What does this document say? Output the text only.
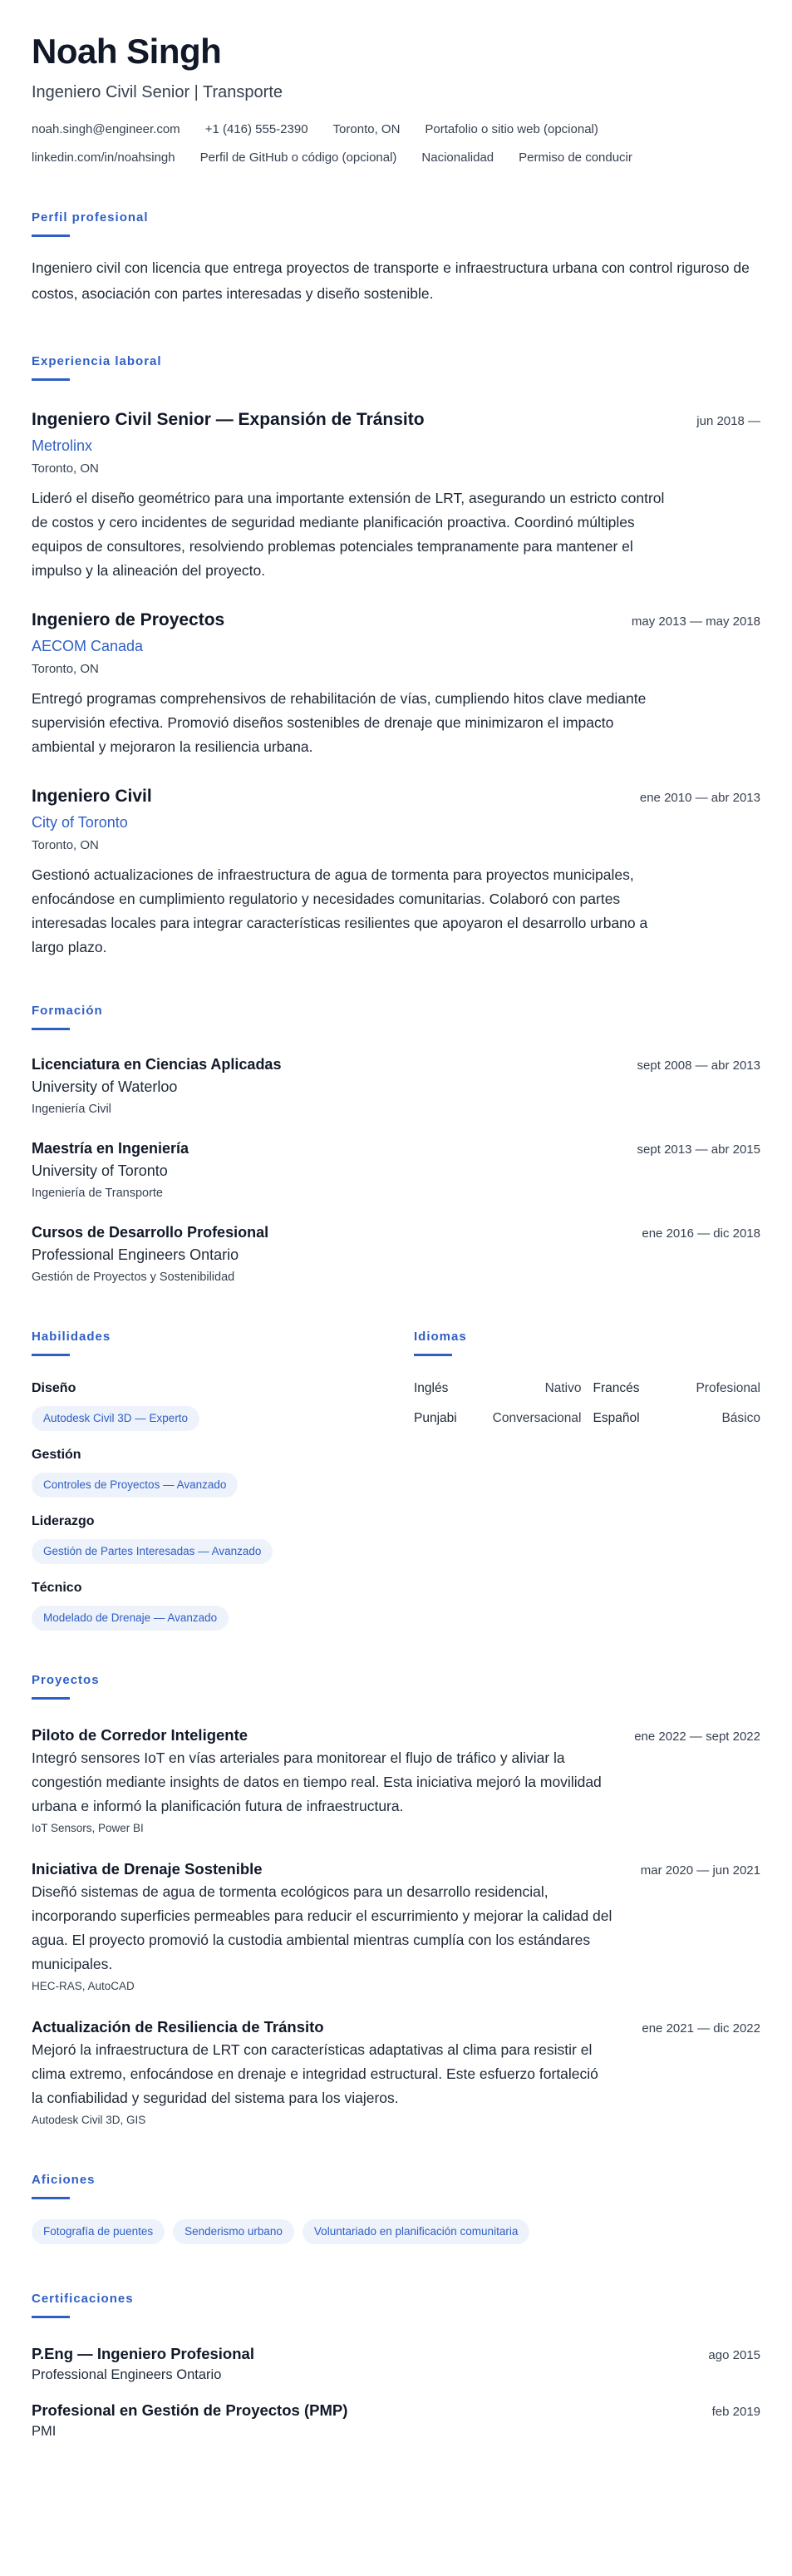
Noah Singh
Ingeniero Civil Senior | Transporte
noah.singh@engineer.com +1 (416) 555-2390 Toronto, ON Portafolio o sitio web (opcional)
linkedin.com/in/noahsingh Perfil de GitHub o código (opcional) Nacionalidad Permiso de conducir
Perfil profesional
Ingeniero civil con licencia que entrega proyectos de transporte e infraestructura urbana con control riguroso de costos, asociación con partes interesadas y diseño sostenible.
Experiencia laboral
Ingeniero Civil Senior — Expansión de Tránsito	jun 2018 —
Metrolinx
Toronto, ON
Lideró el diseño geométrico para una importante extensión de LRT, asegurando un estricto control de costos y cero incidentes de seguridad mediante planificación proactiva. Coordinó múltiples equipos de consultores, resolviendo problemas potenciales tempranamente para mantener el impulso y la alineación del proyecto.
Ingeniero de Proyectos	may 2013 — may 2018
AECOM Canada
Toronto, ON
Entregó programas comprehensivos de rehabilitación de vías, cumpliendo hitos clave mediante supervisión efectiva. Promovió diseños sostenibles de drenaje que minimizaron el impacto ambiental y mejoraron la resiliencia urbana.
Ingeniero Civil	ene 2010 — abr 2013
City of Toronto
Toronto, ON
Gestionó actualizaciones de infraestructura de agua de tormenta para proyectos municipales, enfocándose en cumplimiento regulatorio y necesidades comunitarias. Colaboró con partes interesadas locales para integrar características resilientes que apoyaron el desarrollo urbano a largo plazo.
Formación
Licenciatura en Ciencias Aplicadas	sept 2008 — abr 2013
University of Waterloo
Ingeniería Civil
Maestría en Ingeniería	sept 2013 — abr 2015
University of Toronto
Ingeniería de Transporte
Cursos de Desarrollo Profesional	ene 2016 — dic 2018
Professional Engineers Ontario
Gestión de Proyectos y Sostenibilidad
Habilidades
Diseño
Autodesk Civil 3D — Experto
Gestión
Controles de Proyectos — Avanzado
Liderazgo
Gestión de Partes Interesadas — Avanzado
Técnico
Modelado de Drenaje — Avanzado
Idiomas
Inglés	Nativo Francés	Profesional
Punjabi	Conversacional Español	Básico
Proyectos
Piloto de Corredor Inteligente	ene 2022 — sept 2022
Integró sensores IoT en vías arteriales para monitorear el flujo de tráfico y aliviar la congestión mediante insights de datos en tiempo real. Esta iniciativa mejoró la movilidad urbana e informó la planificación futura de infraestructura.
IoT Sensors, Power BI
Iniciativa de Drenaje Sostenible	mar 2020 — jun 2021
Diseñó sistemas de agua de tormenta ecológicos para un desarrollo residencial, incorporando superficies permeables para reducir el escurrimiento y mejorar la calidad del agua. El proyecto promovió la custodia ambiental mientras cumplía con los estándares municipales.
HEC-RAS, AutoCAD
Actualización de Resiliencia de Tránsito	ene 2021 — dic 2022
Mejoró la infraestructura de LRT con características adaptativas al clima para resistir el clima extremo, enfocándose en drenaje e integridad estructural. Este esfuerzo fortaleció la confiabilidad y seguridad del sistema para los viajeros.
Autodesk Civil 3D, GIS
Aficiones
Fotografía de puentes	Senderismo urbano	Voluntariado en planificación comunitaria
Certificaciones
P.Eng — Ingeniero Profesional	ago 2015
Professional Engineers Ontario
Profesional en Gestión de Proyectos (PMP)	feb 2019
PMI
